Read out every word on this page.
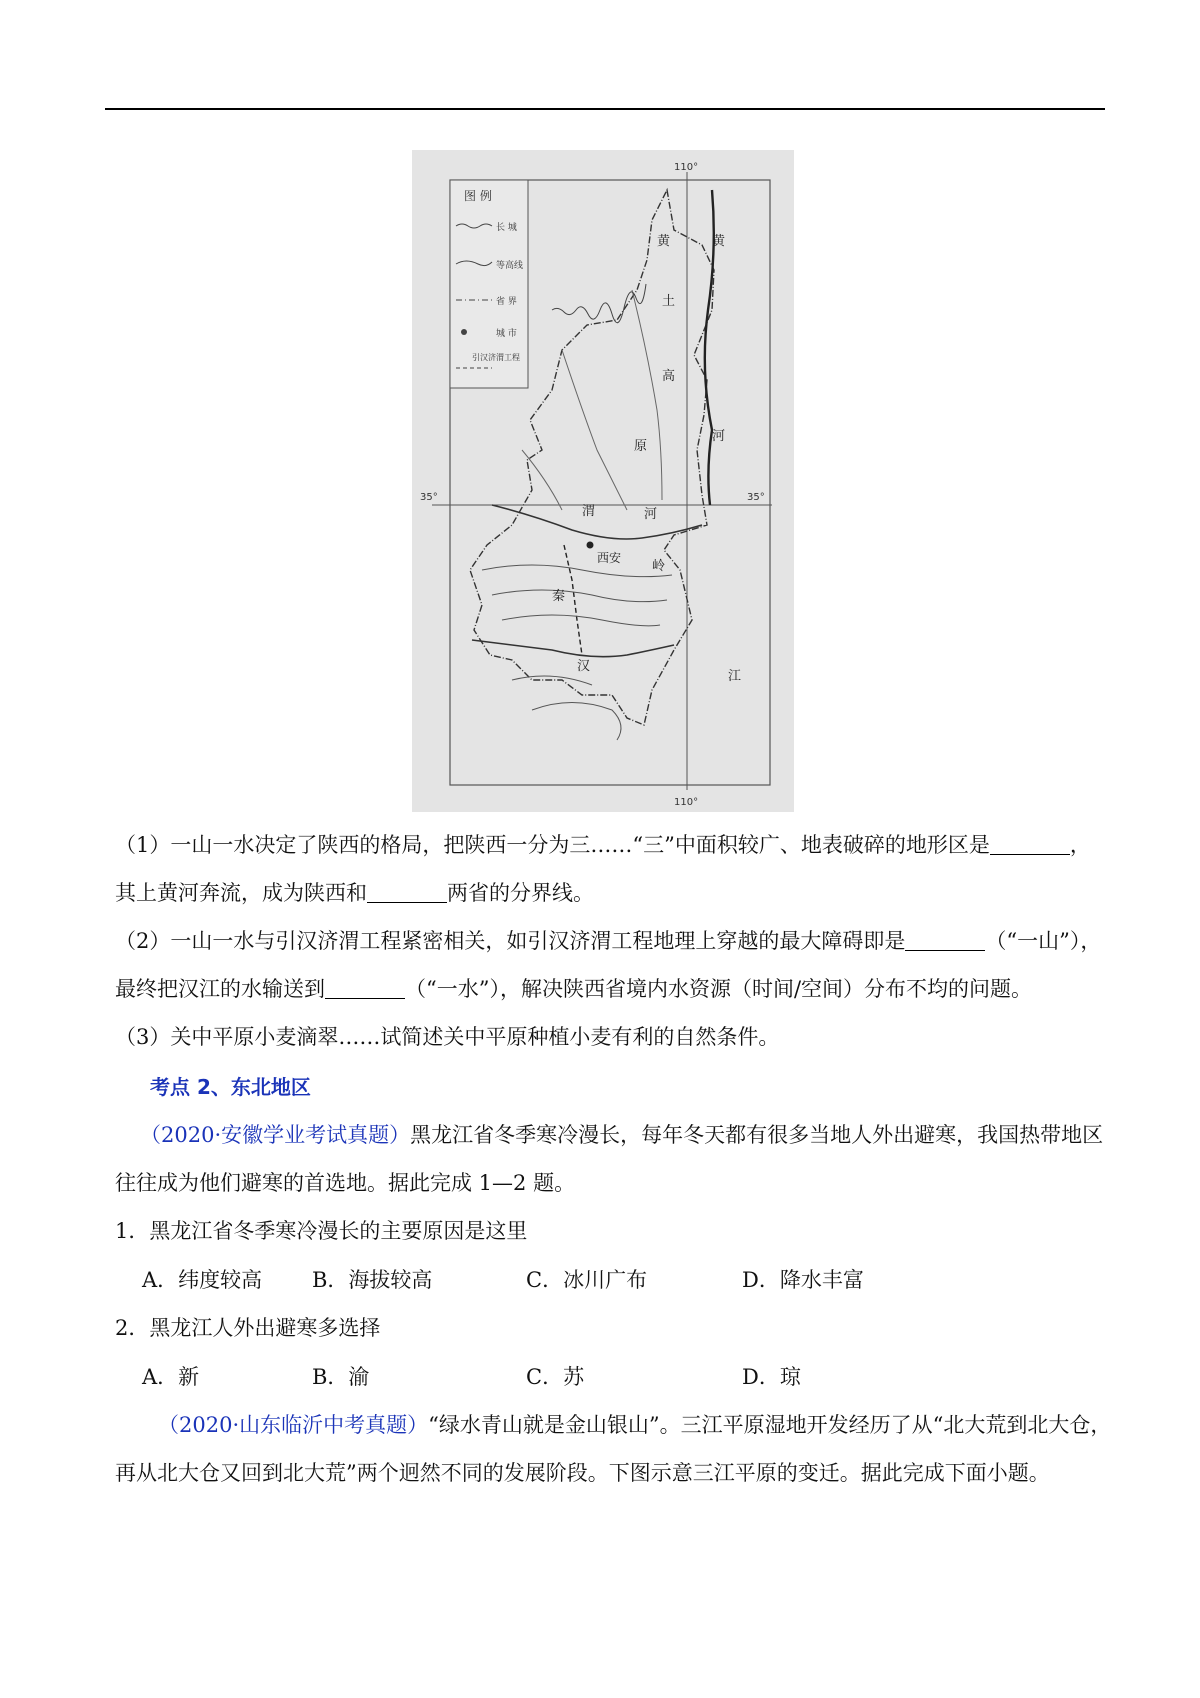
图 例
长 城
等高线
省 界
城 市
引汉济渭工程
35°	35°
110°
110°
黄
土
高
原
黄
河
渭	河
西安
秦
岭
汉
江
（1）一山一水决定了陕西的格局，把陕西一分为三……“三”中面积较广、地表破碎的地形区是	，
其上黄河奔流，成为陕西和	两省的分界线。
（2）一山一水与引汉济渭工程紧密相关，如引汉济渭工程地理上穿越的最大障碍即是	（“一山”），
最终把汉江的水输送到	（“一水”），解决陕西省境内水资源（时间/空间）分布不均的问题。
（3）关中平原小麦滴翠……试简述关中平原种植小麦有利的自然条件。
考点 2、东北地区
（2020·安徽学业考试真题）黑龙江省冬季寒冷漫长，每年冬天都有很多当地人外出避寒，我国热带地区
往往成为他们避寒的首选地。据此完成 1—2 题。
1．黑龙江省冬季寒冷漫长的主要原因是这里
A．纬度较高 B．海拔较高	C．冰川广布	D．降水丰富
2．黑龙江人外出避寒多选择
A．新	B．渝	C．苏	D．琼
（2020·山东临沂中考真题）“绿水青山就是金山银山”。三江平原湿地开发经历了从“北大荒到北大仓，
再从北大仓又回到北大荒”两个迥然不同的发展阶段。下图示意三江平原的变迁。据此完成下面小题。
